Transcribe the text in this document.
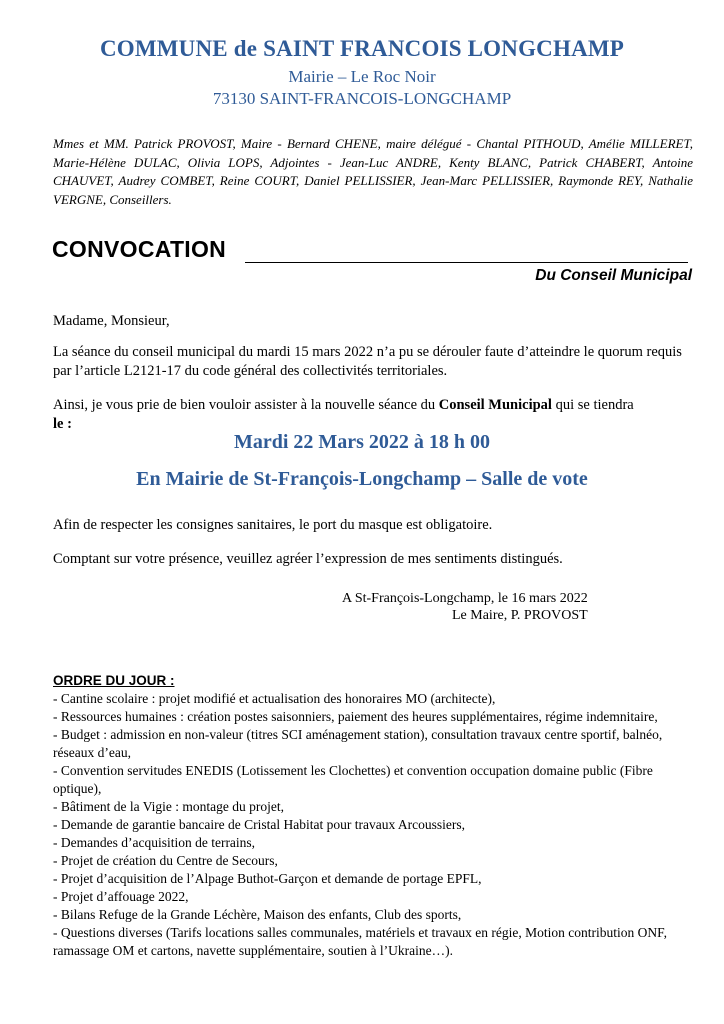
COMMUNE de SAINT FRANCOIS LONGCHAMP
Mairie – Le Roc Noir
73130 SAINT-FRANCOIS-LONGCHAMP
Mmes et MM. Patrick PROVOST, Maire - Bernard CHENE, maire délégué - Chantal PITHOUD, Amélie MILLERET, Marie-Hélène DULAC, Olivia LOPS, Adjointes - Jean-Luc ANDRE, Kenty BLANC, Patrick CHABERT, Antoine CHAUVET, Audrey COMBET, Reine COURT, Daniel PELLISSIER, Jean-Marc PELLISSIER, Raymonde REY, Nathalie VERGNE, Conseillers.
CONVOCATION
Du Conseil Municipal
Madame, Monsieur,
La séance du conseil municipal du mardi 15 mars 2022 n’a pu se dérouler faute d’atteindre le quorum requis par l’article L2121-17 du code général des collectivités territoriales.
Ainsi, je vous prie de bien vouloir assister à la nouvelle séance du Conseil Municipal qui se tiendra
le :
Mardi 22 Mars 2022 à 18 h 00
En Mairie de St-François-Longchamp – Salle de vote
Afin de respecter les consignes sanitaires, le port du masque est obligatoire.
Comptant sur votre présence, veuillez agréer l’expression de mes sentiments distingués.
A St-François-Longchamp, le 16 mars 2022
Le Maire, P. PROVOST
ORDRE DU JOUR :
- Cantine scolaire : projet modifié et actualisation des honoraires MO (architecte),
- Ressources humaines : création postes saisonniers, paiement des heures supplémentaires, régime indemnitaire,
- Budget : admission en non-valeur (titres SCI aménagement station), consultation travaux centre sportif, balnéo, réseaux d’eau,
- Convention servitudes ENEDIS (Lotissement les Clochettes) et convention occupation domaine public (Fibre optique),
- Bâtiment de la Vigie : montage du projet,
- Demande de garantie bancaire de Cristal Habitat pour travaux Arcoussiers,
- Demandes d’acquisition de terrains,
- Projet de création du Centre de Secours,
- Projet d’acquisition de l’Alpage Buthot-Garçon et demande de portage EPFL,
- Projet d’affouage 2022,
- Bilans Refuge de la Grande Léchère, Maison des enfants, Club des sports,
- Questions diverses (Tarifs locations salles communales, matériels et travaux en régie, Motion contribution ONF, ramassage OM et cartons, navette supplémentaire, soutien à l’Ukraine…).
